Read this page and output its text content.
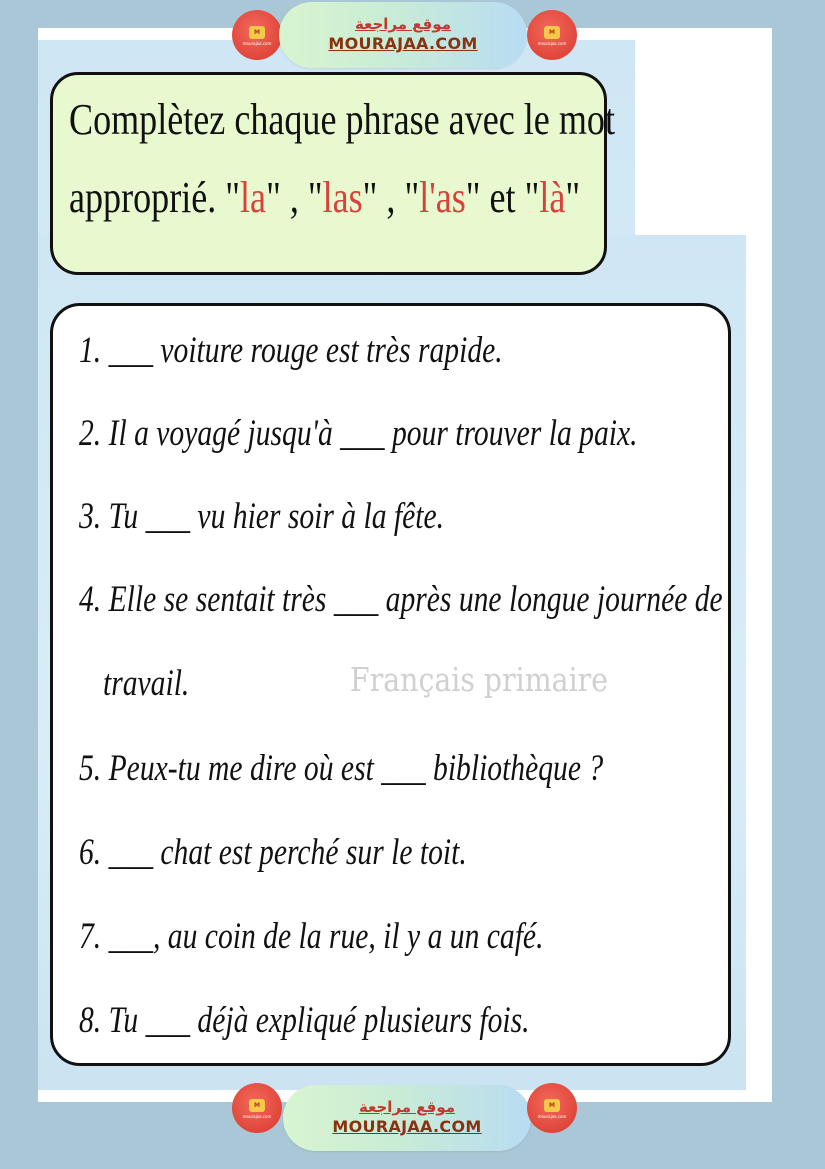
M
mourajaa.com
موقع مراجعة
MOURAJAA.COM
M
mourajaa.com
Complètez chaque phrase avec le mot
approprié. "la" , "las" , "l'as" et "là"
1. ___ voiture rouge est très rapide.
2. Il a voyagé jusqu'à ___ pour trouver la paix.
3. Tu ___ vu hier soir à la fête.
4. Elle se sentait très ___ après une longue journée de
travail.
5. Peux-tu me dire où est ___ bibliothèque ?
6. ___ chat est perché sur le toit.
7. ___, au coin de la rue, il y a un café.
8. Tu ___ déjà expliqué plusieurs fois.
Français primaire
M
mourajaa.com
موقع مراجعة
MOURAJAA.COM
M
mourajaa.com
